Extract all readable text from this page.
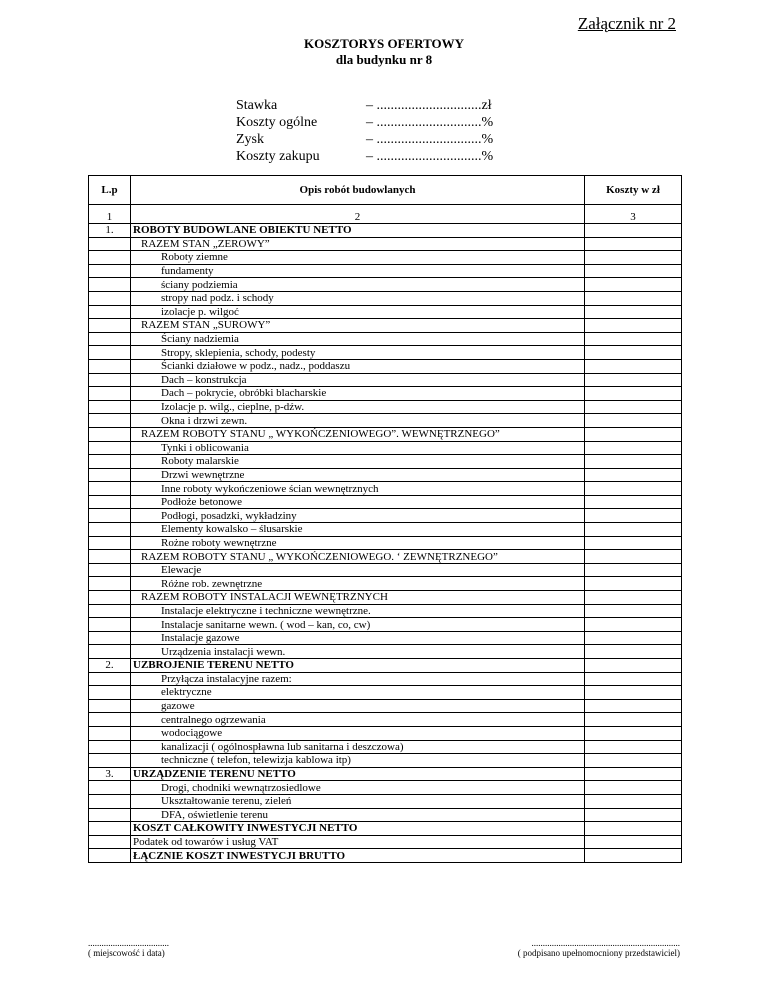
Załącznik nr 2
KOSZTORYS OFERTOWY
dla budynku nr 8
Stawka	– ..............................zł
Koszty ogólne	– ..............................%
Zysk	– ..............................%
Koszty zakupu	– ..............................%
L.p	Opis robót budowlanych	Koszty w zł
1	2	3
1.	ROBOTY BUDOWLANE OBIEKTU NETTO	
	RAZEM STAN „ZEROWY”	
	Roboty ziemne	
	fundamenty	
	ściany podziemia	
	stropy nad podz. i schody	
	izolacje p. wilgoć	
	RAZEM STAN „SUROWY”	
	Ściany nadziemia	
	Stropy, sklepienia, schody, podesty	
	Ścianki działowe w podz., nadz., poddaszu	
	Dach – konstrukcja	
	Dach – pokrycie, obróbki blacharskie	
	Izolacje p. wilg., cieplne, p-dźw.	
	Okna i drzwi zewn.	
	RAZEM ROBOTY STANU „ WYKOŃCZENIOWEGO”. WEWNĘTRZNEGO”	
	Tynki i oblicowania	
	Roboty malarskie	
	Drzwi wewnętrzne	
	Inne roboty wykończeniowe ścian wewnętrznych	
	Podłoże betonowe	
	Podłogi, posadzki, wykładziny	
	Elementy kowalsko – ślusarskie	
	Rożne roboty wewnętrzne	
	RAZEM ROBOTY STANU „ WYKOŃCZENIOWEGO. ‘ ZEWNĘTRZNEGO”	
	Elewacje	
	Różne rob. zewnętrzne	
	RAZEM ROBOTY INSTALACJI WEWNĘTRZNYCH	
	Instalacje elektryczne i techniczne wewnętrzne.	
	Instalacje sanitarne wewn. ( wod – kan, co, cw)	
	Instalacje gazowe	
	Urządzenia instalacji wewn.	
2.	UZBROJENIE TERENU NETTO	
	Przyłącza instalacyjne razem:	
	elektryczne	
	gazowe	
	centralnego ogrzewania	
	wodociągowe	
	kanalizacji ( ogólnospławna lub sanitarna i deszczowa)	
	techniczne ( telefon, telewizja kablowa itp)	
3.	URZĄDZENIE TERENU NETTO	
	Drogi, chodniki wewnątrzosiedlowe	
	Ukształtowanie terenu, zieleń	
	DFA, oświetlenie terenu	
	KOSZT CAŁKOWITY INWESTYCJI NETTO	
	Podatek od towarów i usług VAT	
	ŁĄCZNIE KOSZT INWESTYCJI BRUTTO	
....................................
( miejscowość i data)
..................................................................
( podpisano upełnomocniony przedstawiciel)
